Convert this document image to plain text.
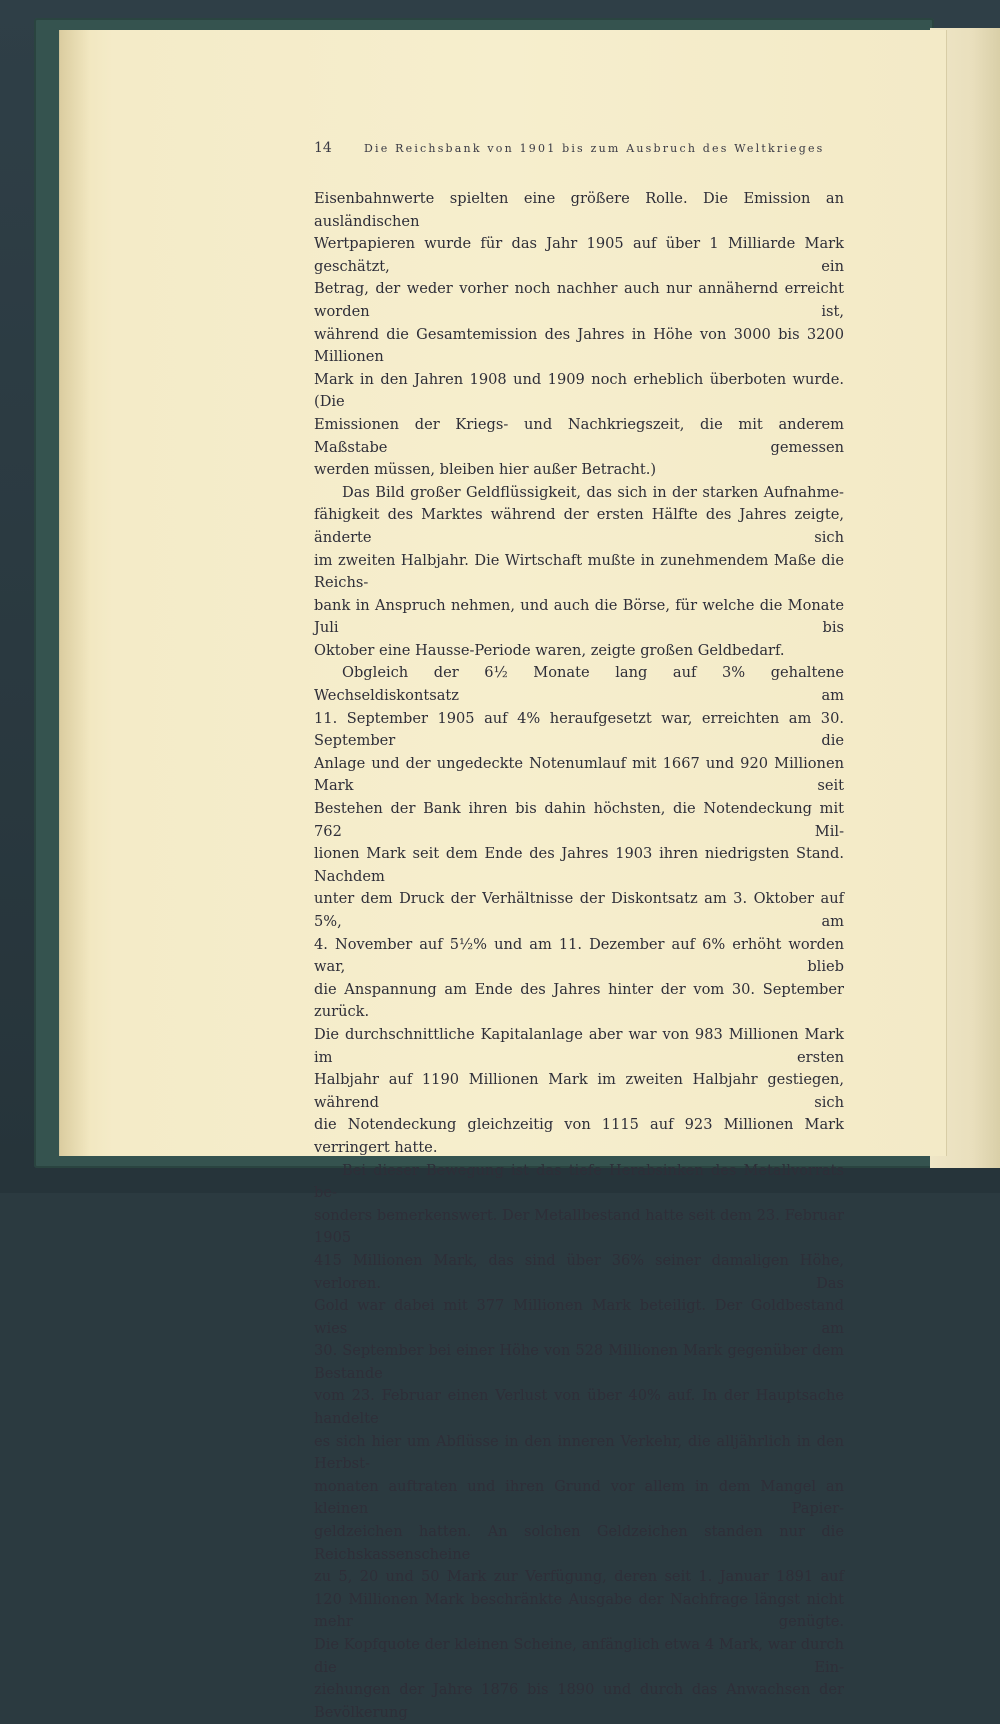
14	Die Reichsbank von 1901 bis zum Ausbruch des Weltkrieges

Eisenbahnwerte spielten eine größere Rolle. Die Emission an ausländischen

Wertpapieren wurde für das Jahr 1905 auf über 1 Milliarde Mark geschätzt, ein

Betrag, der weder vorher noch nachher auch nur annähernd erreicht worden ist,

während die Gesamtemission des Jahres in Höhe von 3000 bis 3200 Millionen

Mark in den Jahren 1908 und 1909 noch erheblich überboten wurde. (Die

Emissionen der Kriegs- und Nachkriegszeit, die mit anderem Maßstabe gemessen

werden müssen, bleiben hier außer Betracht.)

Das Bild großer Geldflüssigkeit, das sich in der starken Aufnahme-

fähigkeit des Marktes während der ersten Hälfte des Jahres zeigte, änderte sich

im zweiten Halbjahr. Die Wirtschaft mußte in zunehmendem Maße die Reichs-

bank in Anspruch nehmen, und auch die Börse, für welche die Monate Juli bis

Oktober eine Hausse-Periode waren, zeigte großen Geldbedarf.

Obgleich der 6½ Monate lang auf 3% gehaltene Wechseldiskontsatz am

11. September 1905 auf 4% heraufgesetzt war, erreichten am 30. September die

Anlage und der ungedeckte Notenumlauf mit 1667 und 920 Millionen Mark seit

Bestehen der Bank ihren bis dahin höchsten, die Notendeckung mit 762 Mil-

lionen Mark seit dem Ende des Jahres 1903 ihren niedrigsten Stand. Nachdem

unter dem Druck der Verhältnisse der Diskontsatz am 3. Oktober auf 5%, am

4. November auf 5½% und am 11. Dezember auf 6% erhöht worden war, blieb

die Anspannung am Ende des Jahres hinter der vom 30. September zurück.

Die durchschnittliche Kapitalanlage aber war von 983 Millionen Mark im ersten

Halbjahr auf 1190 Millionen Mark im zweiten Halbjahr gestiegen, während sich

die Notendeckung gleichzeitig von 1115 auf 923 Millionen Mark verringert hatte.

Bei dieser Bewegung ist das tiefe Herabsinken des Metallvorrats be-

sonders bemerkenswert. Der Metallbestand hatte seit dem 23. Februar 1905

415 Millionen Mark, das sind über 36% seiner damaligen Höhe, verloren. Das

Gold war dabei mit 377 Millionen Mark beteiligt. Der Goldbestand wies am

30. September bei einer Höhe von 528 Millionen Mark gegenüber dem Bestande

vom 23. Februar einen Verlust von über 40% auf. In der Hauptsache handelte

es sich hier um Abflüsse in den inneren Verkehr, die alljährlich in den Herbst-

monaten auftraten und ihren Grund vor allem in dem Mangel an kleinen Papier-

geldzeichen hatten. An solchen Geldzeichen standen nur die Reichskassenscheine

zu 5, 20 und 50 Mark zur Verfügung, deren seit 1. Januar 1891 auf

120 Millionen Mark beschränkte Ausgabe der Nachfrage längst nicht mehr genügte.

Die Kopfquote der kleinen Scheine, anfänglich etwa 4 Mark, war durch die Ein-

ziehungen der Jahre 1876 bis 1890 und durch das Anwachsen der Bevölkerung
